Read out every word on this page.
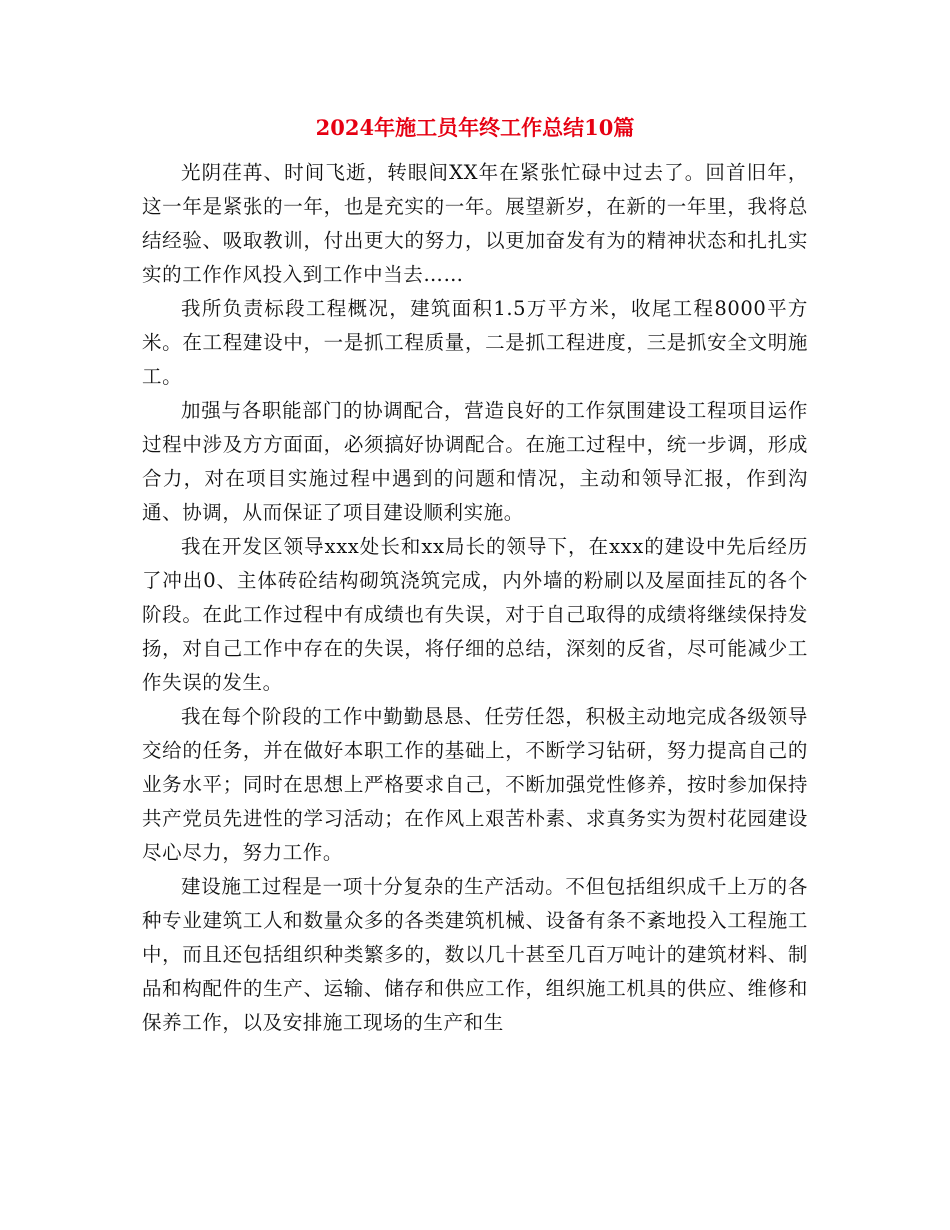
2024年施工员年终工作总结10篇

光阴荏苒、时间飞逝，转眼间XX年在紧张忙碌中过去了。回首旧年，这一年是紧张的一年，也是充实的一年。展望新岁，在新的一年里，我将总结经验、吸取教训，付出更大的努力，以更加奋发有为的精神状态和扎扎实实的工作作风投入到工作中当去……

我所负责标段工程概况，建筑面积1.5万平方米，收尾工程8000平方米。在工程建设中，一是抓工程质量，二是抓工程进度，三是抓安全文明施工。

加强与各职能部门的协调配合，营造良好的工作氛围建设工程项目运作过程中涉及方方面面，必须搞好协调配合。在施工过程中，统一步调，形成合力，对在项目实施过程中遇到的问题和情况，主动和领导汇报，作到沟通、协调，从而保证了项目建设顺利实施。

我在开发区领导xxx处长和xx局长的领导下，在xxx的建设中先后经历了冲出0、主体砖砼结构砌筑浇筑完成，内外墙的粉刷以及屋面挂瓦的各个阶段。在此工作过程中有成绩也有失误，对于自己取得的成绩将继续保持发扬，对自己工作中存在的失误，将仔细的总结，深刻的反省，尽可能减少工作失误的发生。

我在每个阶段的工作中勤勤恳恳、任劳任怨，积极主动地完成各级领导交给的任务，并在做好本职工作的基础上，不断学习钻研，努力提高自己的业务水平；同时在思想上严格要求自己，不断加强党性修养，按时参加保持共产党员先进性的学习活动；在作风上艰苦朴素、求真务实为贺村花园建设尽心尽力，努力工作。

建设施工过程是一项十分复杂的生产活动。不但包括组织成千上万的各种专业建筑工人和数量众多的各类建筑机械、设备有条不紊地投入工程施工中，而且还包括组织种类繁多的，数以几十甚至几百万吨计的建筑材料、制品和构配件的生产、运输、储存和供应工作，组织施工机具的供应、维修和保养工作，以及安排施工现场的生产和生
